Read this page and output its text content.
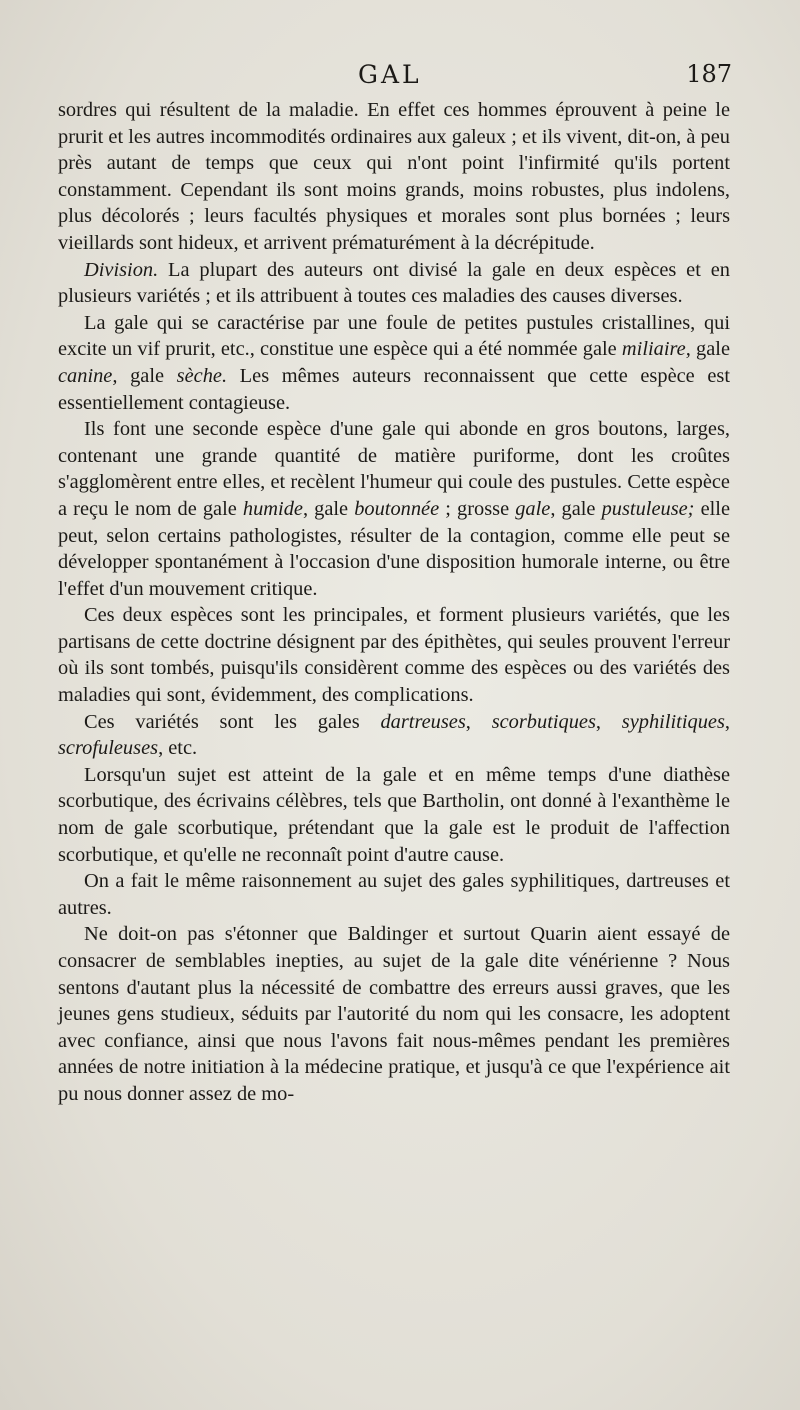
GAL	187

sordres qui résultent de la maladie. En effet ces hommes éprouvent à peine le prurit et les autres incommodités ordinaires aux galeux ; et ils vivent, dit-on, à peu près autant de temps que ceux qui n'ont point l'infirmité qu'ils portent constamment. Cependant ils sont moins grands, moins robustes, plus indolens, plus décolorés ; leurs facultés physiques et morales sont plus bornées ; leurs vieillards sont hideux, et arrivent prématurément à la décrépitude.

Division. La plupart des auteurs ont divisé la gale en deux espèces et en plusieurs variétés ; et ils attribuent à toutes ces maladies des causes diverses.

La gale qui se caractérise par une foule de petites pustules cristallines, qui excite un vif prurit, etc., constitue une espèce qui a été nommée gale miliaire, gale canine, gale sèche. Les mêmes auteurs reconnaissent que cette espèce est essentiellement contagieuse.

Ils font une seconde espèce d'une gale qui abonde en gros boutons, larges, contenant une grande quantité de matière puriforme, dont les croûtes s'agglomèrent entre elles, et recèlent l'humeur qui coule des pustules. Cette espèce a reçu le nom de gale humide, gale boutonnée ; grosse gale, gale pustuleuse; elle peut, selon certains pathologistes, résulter de la contagion, comme elle peut se développer spontanément à l'occasion d'une disposition humorale interne, ou être l'effet d'un mouvement critique.

Ces deux espèces sont les principales, et forment plusieurs variétés, que les partisans de cette doctrine désignent par des épithètes, qui seules prouvent l'erreur où ils sont tombés, puisqu'ils considèrent comme des espèces ou des variétés des maladies qui sont, évidemment, des complications.

Ces variétés sont les gales dartreuses, scorbutiques, syphilitiques, scrofuleuses, etc.

Lorsqu'un sujet est atteint de la gale et en même temps d'une diathèse scorbutique, des écrivains célèbres, tels que Bartholin, ont donné à l'exanthème le nom de gale scorbutique, prétendant que la gale est le produit de l'affection scorbutique, et qu'elle ne reconnaît point d'autre cause.

On a fait le même raisonnement au sujet des gales syphilitiques, dartreuses et autres.

Ne doit-on pas s'étonner que Baldinger et surtout Quarin aient essayé de consacrer de semblables inepties, au sujet de la gale dite vénérienne ? Nous sentons d'autant plus la nécessité de combattre des erreurs aussi graves, que les jeunes gens studieux, séduits par l'autorité du nom qui les consacre, les adoptent avec confiance, ainsi que nous l'avons fait nous-mêmes pendant les premières années de notre initiation à la médecine pratique, et jusqu'à ce que l'expérience ait pu nous donner assez de mo-
